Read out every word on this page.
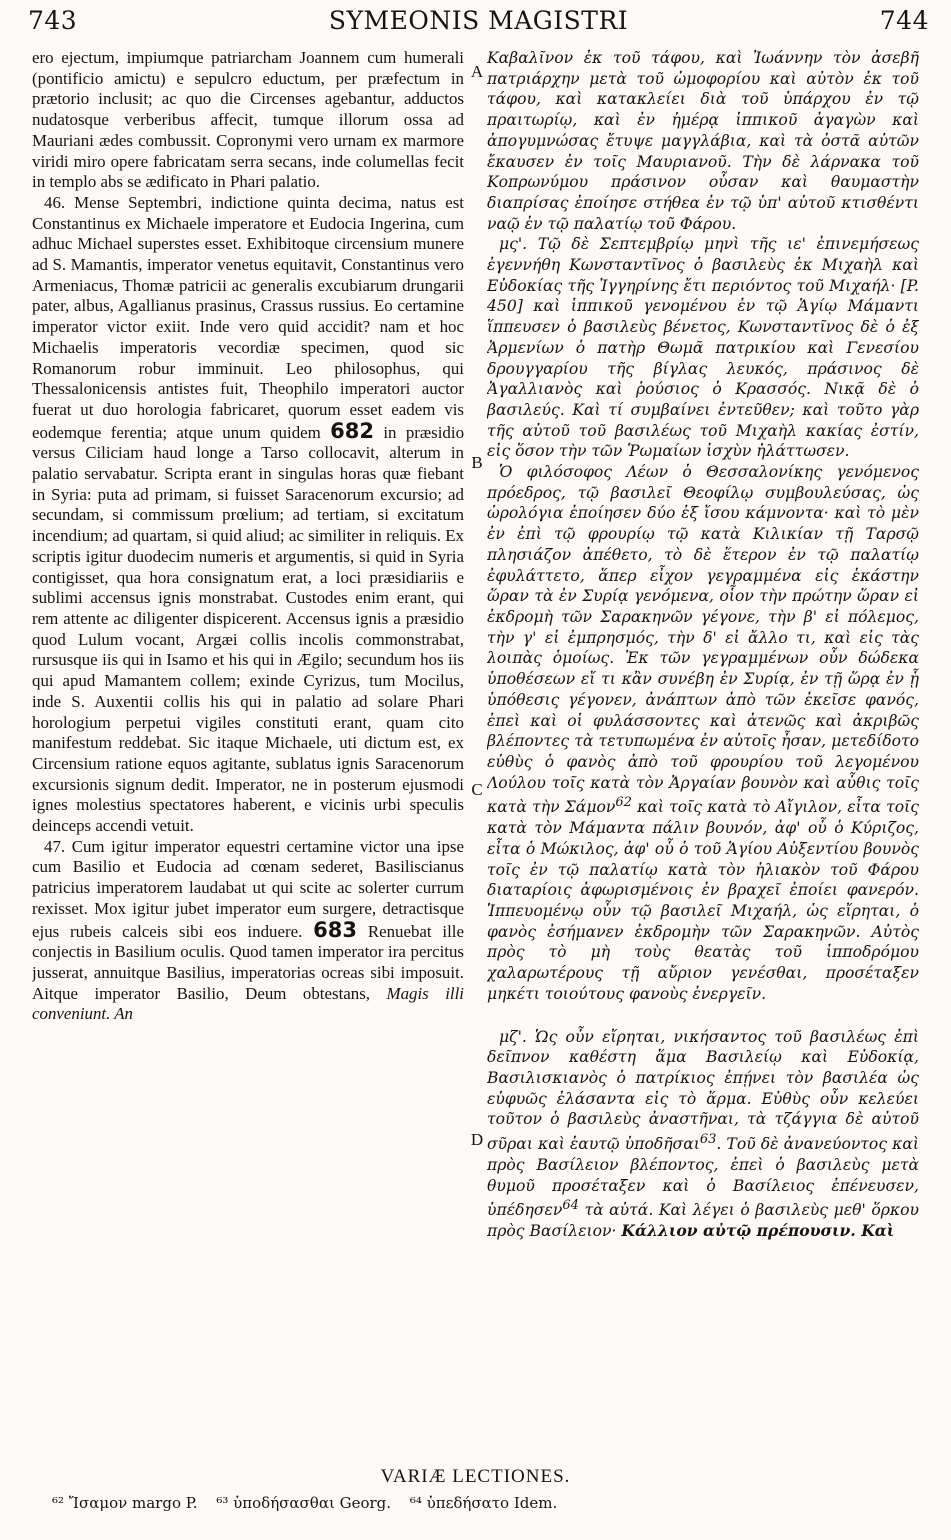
743	SYMEONIS MAGISTRI	744

ero ejectum, impiumque patriarcham Joannem cum humerali (pontificio amictu) e sepulcro eductum, per præfectum in prætorio inclusit; ac quo die Circenses agebantur, adductos nudatosque verberibus affecit, tumque illorum ossa ad Mauriani ædes combussit. Copronymi vero urnam ex marmore viridi miro opere fabricatam serra secans, inde columellas fecit in templo abs se ædificato in Phari palatio.

46. Mense Septembri, indictione quinta decima, natus est Constantinus ex Michaele imperatore et Eudocia Ingerina, cum adhuc Michael superstes esset. Exhibitoque circensium munere ad S. Mamantis, imperator venetus equitavit, Constantinus vero Armeniacus, Thomæ patricii ac generalis excubiarum drungarii pater, albus, Agallianus prasinus, Crassus russius. Eo certamine imperator victor exiit. Inde vero quid accidit? nam et hoc Michaelis imperatoris vecordiæ specimen, quod sic Romanorum robur imminuit. Leo philosophus, qui Thessalonicensis antistes fuit, Theophilo imperatori auctor fuerat ut duo horologia fabricaret, quorum esset eadem vis eodemque ferentia; atque unum quidem 682 in præsidio versus Ciliciam haud longe a Tarso collocavit, alterum in palatio servabatur. Scripta erant in singulas horas quæ fiebant in Syria: puta ad primam, si fuisset Saracenorum excursio; ad secundam, si commissum prœlium; ad tertiam, si excitatum incendium; ad quartam, si quid aliud; ac similiter in reliquis. Ex scriptis igitur duodecim numeris et argumentis, si quid in Syria contigisset, qua hora consignatum erat, a loci præsidiariis e sublimi accensus ignis monstrabat. Custodes enim erant, qui rem attente ac diligenter dispicerent. Accensus ignis a præsidio quod Lulum vocant, Argæi collis incolis commonstrabat, rursusque iis qui in Isamo et his qui in Ægilo; secundum hos iis qui apud Mamantem collem; exinde Cyrizus, tum Mocilus, inde S. Auxentii collis his qui in palatio ad solare Phari horologium perpetui vigiles constituti erant, quam cito manifestum reddebat. Sic itaque Michaele, uti dictum est, ex Circensium ratione equos agitante, sublatus ignis Saracenorum excursionis signum dedit. Imperator, ne in posterum ejusmodi ignes molestius spectatores haberent, e vicinis urbi speculis deinceps accendi vetuit.

47. Cum igitur imperator equestri certamine victor una ipse cum Basilio et Eudocia ad cœnam sederet, Basiliscianus patricius imperatorem laudabat ut qui scite ac solerter currum rexisset. Mox igitur jubet imperator eum surgere, detractisque ejus rubeis calceis sibi eos induere. 683 Renuebat ille conjectis in Basilium oculis. Quod tamen imperator ira percitus jusserat, annuitque Basilius, imperatorias ocreas sibi imposuit. Aitque imperator Basilio, Deum obtestans, Magis illi conveniunt. An

A
B
C
D

Καβαλῖνον ἐκ τοῦ τάφου, καὶ Ἰωάννην τὸν ἀσεβῆ πατριάρχην μετὰ τοῦ ὠμοφορίου καὶ αὐτὸν ἐκ τοῦ τάφου, καὶ κατακλείει διὰ τοῦ ὑπάρχου ἐν τῷ πραιτωρίῳ, καὶ ἐν ἡμέρᾳ ἱππικοῦ ἀγαγὼν καὶ ἀπογυμνώσας ἔτυψε μαγγλάβια, καὶ τὰ ὀστᾶ αὐτῶν ἔκαυσεν ἐν τοῖς Μαυριανοῦ. Τὴν δὲ λάρνακα τοῦ Κοπρωνύμου πράσινον οὖσαν καὶ θαυμαστὴν διαπρίσας ἐποίησε στήθεα ἐν τῷ ὑπ' αὐτοῦ κτισθέντι ναῷ ἐν τῷ παλατίῳ τοῦ Φάρου.

μς'. Τῷ δὲ Σεπτεμβρίῳ μηνὶ τῆς ιε' ἐπινεμήσεως ἐγεννήθη Κωνσταντῖνος ὁ βασιλεὺς ἐκ Μιχαὴλ καὶ Εὐδοκίας τῆς Ἰγγηρίνης ἔτι περιόντος τοῦ Μιχαήλ· [P. 450] καὶ ἱππικοῦ γενομένου ἐν τῷ Ἁγίῳ Μάμαντι ἵππευσεν ὁ βασιλεὺς βένετος, Κωνσταντῖνος δὲ ὁ ἐξ Ἀρμενίων ὁ πατὴρ Θωμᾶ πατρικίου καὶ Γενεσίου δρουγγαρίου τῆς βίγλας λευκός, πράσινος δὲ Ἀγαλλιανὸς καὶ ῥούσιος ὁ Κρασσός. Νικᾷ δὲ ὁ βασιλεύς. Καὶ τί συμβαίνει ἐντεῦθεν; καὶ τοῦτο γὰρ τῆς αὐτοῦ τοῦ βασιλέως τοῦ Μιχαὴλ κακίας ἐστίν, εἰς ὅσον τὴν τῶν Ῥωμαίων ἰσχὺν ἠλάττωσεν.

Ὁ φιλόσοφος Λέων ὁ Θεσσαλονίκης γενόμενος πρόεδρος, τῷ βασιλεῖ Θεοφίλῳ συμβουλεύσας, ὡς ὡρολόγια ἐποίησεν δύο ἐξ ἴσου κάμνοντα· καὶ τὸ μὲν ἐν ἐπὶ τῷ φρουρίῳ τῷ κατὰ Κιλικίαν τῇ Ταρσῷ πλησιάζον ἀπέθετο, τὸ δὲ ἕτερον ἐν τῷ παλατίῳ ἐφυλάττετο, ἅπερ εἶχον γεγραμμένα εἰς ἑκάστην ὥραν τὰ ἐν Συρίᾳ γενόμενα, οἷον τὴν πρώτην ὥραν εἰ ἐκδρομὴ τῶν Σαρακηνῶν γέγονε, τὴν β' εἰ πόλεμος, τὴν γ' εἰ ἐμπρησμός, τὴν δ' εἰ ἄλλο τι, καὶ εἰς τὰς λοιπὰς ὁμοίως. Ἐκ τῶν γεγραμμένων οὖν δώδεκα ὑποθέσεων εἴ τι κἂν συνέβη ἐν Συρίᾳ, ἐν τῇ ὥρᾳ ἐν ᾗ ὑπόθεσις γέγονεν, ἀνάπτων ἀπὸ τῶν ἐκεῖσε φανός, ἐπεὶ καὶ οἱ φυλάσσοντες καὶ ἀτενῶς καὶ ἀκριβῶς βλέποντες τὰ τετυπωμένα ἐν αὐτοῖς ἦσαν, μετεδίδοτο εὐθὺς ὁ φανὸς ἀπὸ τοῦ φρουρίου τοῦ λεγομένου Λούλου τοῖς κατὰ τὸν Ἀργαίαν βουνὸν καὶ αὖθις τοῖς κατὰ τὴν Σάμον$^{62}$ καὶ τοῖς κατὰ τὸ Αἴγιλον, εἶτα τοῖς κατὰ τὸν Μάμαντα πάλιν βουνόν, ἀφ' οὗ ὁ Κύριζος, εἶτα ὁ Μώκιλος, ἀφ' οὗ ὁ τοῦ Ἁγίου Αὐξεντίου βουνὸς τοῖς ἐν τῷ παλατίῳ κατὰ τὸν ἡλιακὸν τοῦ Φάρου διαταρίοις ἀφωρισμένοις ἐν βραχεῖ ἐποίει φανερόν. Ἱππευομένῳ οὖν τῷ βασιλεῖ Μιχαήλ, ὡς εἴρηται, ὁ φανὸς ἐσήμανεν ἐκδρομὴν τῶν Σαρακηνῶν. Αὐτὸς πρὸς τὸ μὴ τοὺς θεατὰς τοῦ ἱπποδρόμου χαλαρωτέρους τῇ αὔριον γενέσθαι, προσέταξεν μηκέτι τοιούτους φανοὺς ἐνεργεῖν.

μζ'. Ὡς οὖν εἴρηται, νικήσαντος τοῦ βασιλέως ἐπὶ δεῖπνον καθέστη ἅμα Βασιλείῳ καὶ Εὐδοκίᾳ, Βασιλισκιανὸς ὁ πατρίκιος ἐπῄνει τὸν βασιλέα ὡς εὐφυῶς ἐλάσαντα εἰς τὸ ἅρμα. Εὐθὺς οὖν κελεύει τοῦτον ὁ βασιλεὺς ἀναστῆναι, τὰ τζάγγια δὲ αὐτοῦ σῦραι καὶ ἑαυτῷ ὑποδῆσαι$^{63}$. Τοῦ δὲ ἀνανεύοντος καὶ πρὸς Βασίλειον βλέποντος, ἐπεὶ ὁ βασιλεὺς μετὰ θυμοῦ προσέταξεν καὶ ὁ Βασίλειος ἐπένευσεν, ὑπέδησεν$^{64}$ τὰ αὐτά. Καὶ λέγει ὁ βασιλεὺς μεθ' ὅρκου πρὸς Βασίλειον· Κάλλιον αὐτῷ πρέπουσιν. Καὶ

VARIÆ LECTIONES.
⁶² Ἴσαμον margo P. ⁶³ ὑποδήσασθαι Georg. ⁶⁴ ὑπεδήσατο Idem.
